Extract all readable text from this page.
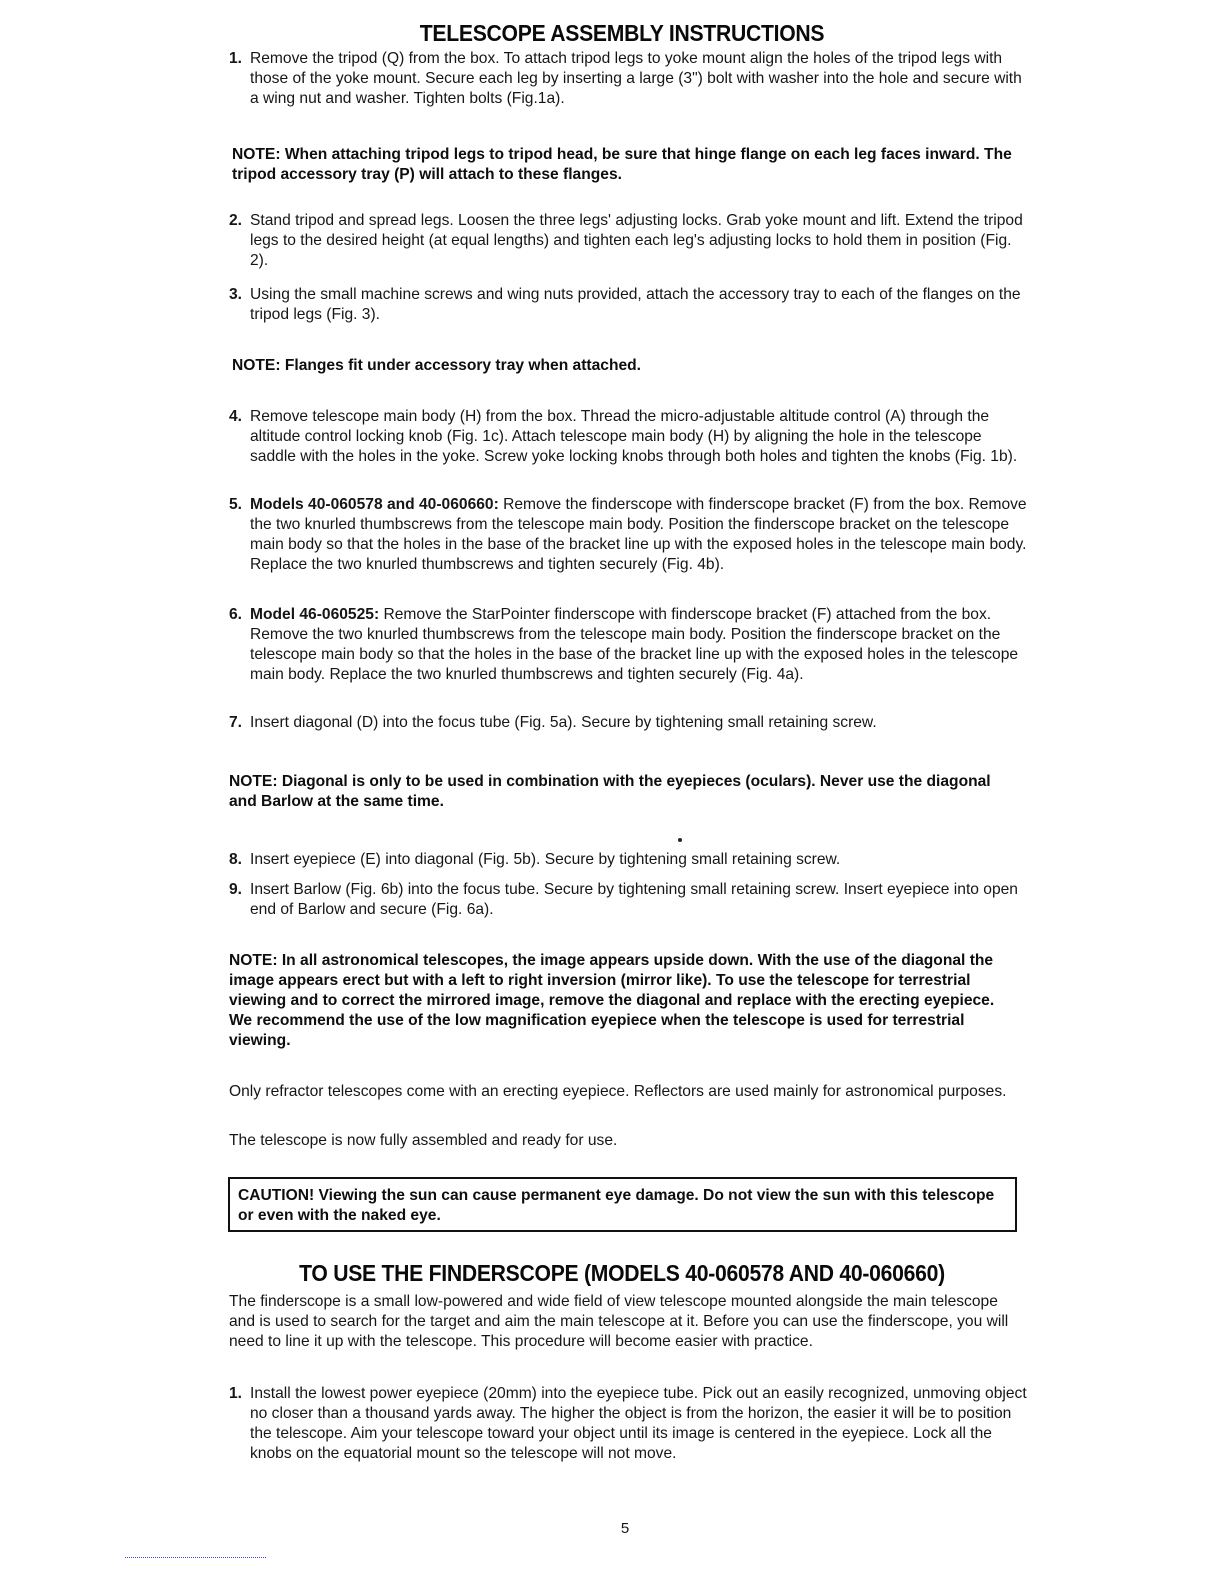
TELESCOPE ASSEMBLY INSTRUCTIONS
1. Remove the tripod (Q) from the box. To attach tripod legs to yoke mount align the holes of the tripod legs with those of the yoke mount. Secure each leg by inserting a large (3") bolt with washer into the hole and secure with a wing nut and washer. Tighten bolts (Fig.1a).
NOTE: When attaching tripod legs to tripod head, be sure that hinge flange on each leg faces inward. The tripod accessory tray (P) will attach to these flanges.
2. Stand tripod and spread legs. Loosen the three legs' adjusting locks. Grab yoke mount and lift. Extend the tripod legs to the desired height (at equal lengths) and tighten each leg's adjusting locks to hold them in position (Fig. 2).
3. Using the small machine screws and wing nuts provided, attach the accessory tray to each of the flanges on the tripod legs (Fig. 3).
NOTE: Flanges fit under accessory tray when attached.
4. Remove telescope main body (H) from the box. Thread the micro-adjustable altitude control (A) through the altitude control locking knob (Fig. 1c). Attach telescope main body (H) by aligning the hole in the telescope saddle with the holes in the yoke. Screw yoke locking knobs through both holes and tighten the knobs (Fig. 1b).
5. Models 40-060578 and 40-060660: Remove the finderscope with finderscope bracket (F) from the box. Remove the two knurled thumbscrews from the telescope main body. Position the finderscope bracket on the telescope main body so that the holes in the base of the bracket line up with the exposed holes in the telescope main body. Replace the two knurled thumbscrews and tighten securely (Fig. 4b).
6. Model 46-060525: Remove the StarPointer finderscope with finderscope bracket (F) attached from the box. Remove the two knurled thumbscrews from the telescope main body. Position the finderscope bracket on the telescope main body so that the holes in the base of the bracket line up with the exposed holes in the telescope main body. Replace the two knurled thumbscrews and tighten securely (Fig. 4a).
7. Insert diagonal (D) into the focus tube (Fig. 5a). Secure by tightening small retaining screw.
NOTE: Diagonal is only to be used in combination with the eyepieces (oculars). Never use the diagonal and Barlow at the same time.
8. Insert eyepiece (E) into diagonal (Fig. 5b). Secure by tightening small retaining screw.
9. Insert Barlow (Fig. 6b) into the focus tube. Secure by tightening small retaining screw. Insert eyepiece into open end of Barlow and secure (Fig. 6a).
NOTE: In all astronomical telescopes, the image appears upside down. With the use of the diagonal the image appears erect but with a left to right inversion (mirror like). To use the telescope for terrestrial viewing and to correct the mirrored image, remove the diagonal and replace with the erecting eyepiece. We recommend the use of the low magnification eyepiece when the telescope is used for terrestrial viewing.
Only refractor telescopes come with an erecting eyepiece. Reflectors are used mainly for astronomical purposes.
The telescope is now fully assembled and ready for use.
CAUTION! Viewing the sun can cause permanent eye damage. Do not view the sun with this telescope or even with the naked eye.
TO USE THE FINDERSCOPE (MODELS 40-060578 AND 40-060660)
The finderscope is a small low-powered and wide field of view telescope mounted alongside the main telescope and is used to search for the target and aim the main telescope at it. Before you can use the finderscope, you will need to line it up with the telescope. This procedure will become easier with practice.
1. Install the lowest power eyepiece (20mm) into the eyepiece tube. Pick out an easily recognized, unmoving object no closer than a thousand yards away. The higher the object is from the horizon, the easier it will be to position the telescope. Aim your telescope toward your object until its image is centered in the eyepiece. Lock all the knobs on the equatorial mount so the telescope will not move.
5
